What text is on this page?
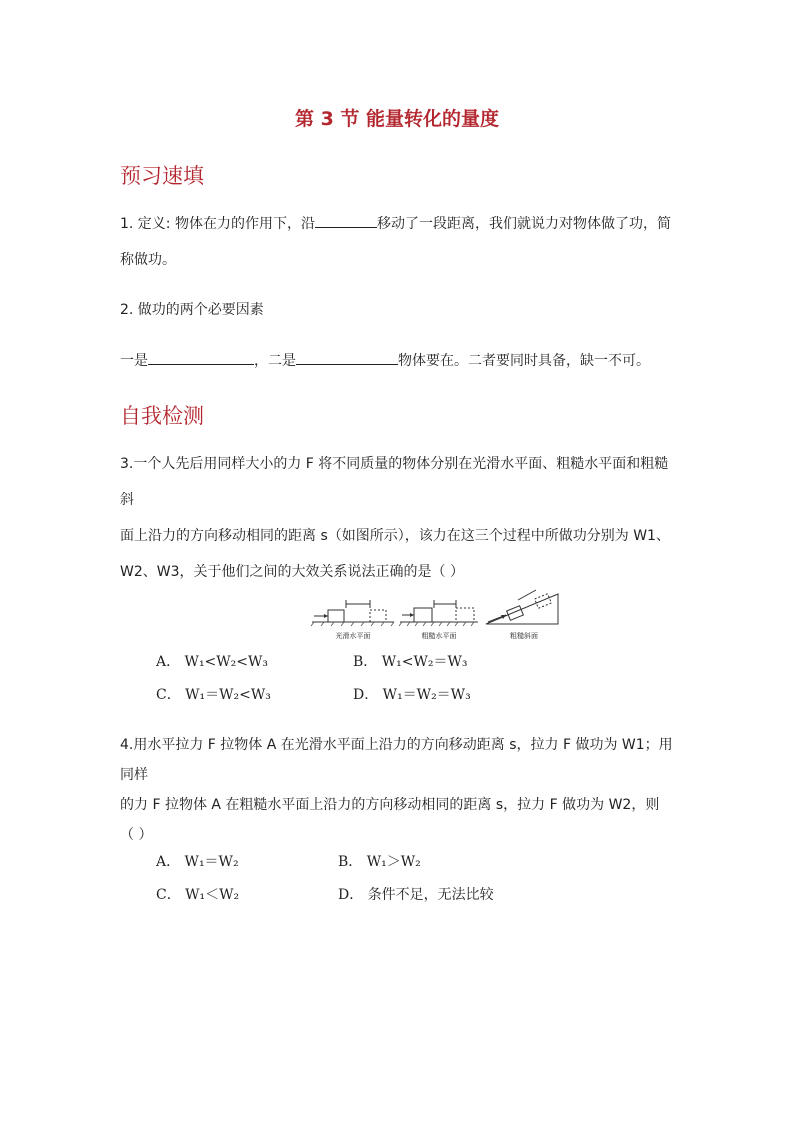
第 3 节 能量转化的量度
预习速填
1. 定义: 物体在力的作用下，沿	移动了一段距离，我们就说力对物体做了功，简
称做功。
2. 做功的两个必要因素
一是	，二是	物体要在。二者要同时具备，缺一不可。
自我检测
3.一个人先后用同样大小的力 F 将不同质量的物体分别在光滑水平面、粗糙水平面和粗糙斜
面上沿力的方向移动相同的距离 s（如图所示），该力在这三个过程中所做功分别为 W1、
W2、W3，关于他们之间的大效关系说法正确的是（ ）
光滑水平面	粗糙水平面	粗糙斜面
A． W₁<W₂<W₃	B． W₁<W₂＝W₃
C． W₁＝W₂<W₃	D． W₁＝W₂＝W₃
4.用水平拉力 F 拉物体 A 在光滑水平面上沿力的方向移动距离 s，拉力 F 做功为 W1；用同样
的力 F 拉物体 A 在粗糙水平面上沿力的方向移动相同的距离 s，拉力 F 做功为 W2，则
（ ）
A． W₁＝W₂	B． W₁＞W₂
C． W₁＜W₂	D． 条件不足，无法比较
